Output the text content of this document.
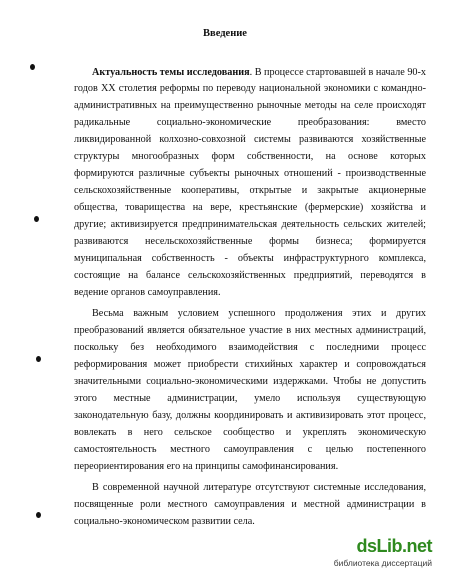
Введение
Актуальность темы исследования. В процессе стартовавшей в начале 90-х
годов XX столетия реформы по переводу национальной экономики с командно-
административных на преимущественно рыночные методы на селе происходят
радикальные социально-экономические преобразования: вместо
ликвидированной колхозно-совхозной системы развиваются хозяйственные
структуры многообразных форм собственности, на основе которых
формируются различные субъекты рыночных отношений - производственные
сельскохозяйственные кооперативы, открытые и закрытые акционерные
общества, товарищества на вере, крестьянские (фермерские) хозяйства и
другие; активизируется предпринимательская деятельность сельских жителей;
развиваются несельскохозяйственные формы бизнеса; формируется
муниципальная собственность - объекты инфраструктурного комплекса,
состоящие на балансе сельскохозяйственных предприятий, переводятся в
ведение органов самоуправления.
Весьма важным условием успешного продолжения этих и других
преобразований является обязательное участие в них местных администраций,
поскольку без необходимого взаимодействия с последними процесс
реформирования может приобрести стихийных характер и сопровождаться
значительными социально-экономическими издержками. Чтобы не допустить
этого местные администрации, умело используя существующую
законодательную базу, должны координировать и активизировать этот процесс,
вовлекать в него сельское сообщество и укреплять экономическую
самостоятельность местного самоуправления с целью постепенного
переориентирования его на принципы самофинансирования.
В современной научной литературе отсутствуют системные исследования,
посвященные роли местного самоуправления и местной администрации в
социально-экономическом развитии села.
dsLib.net
библиотека диссертаций
